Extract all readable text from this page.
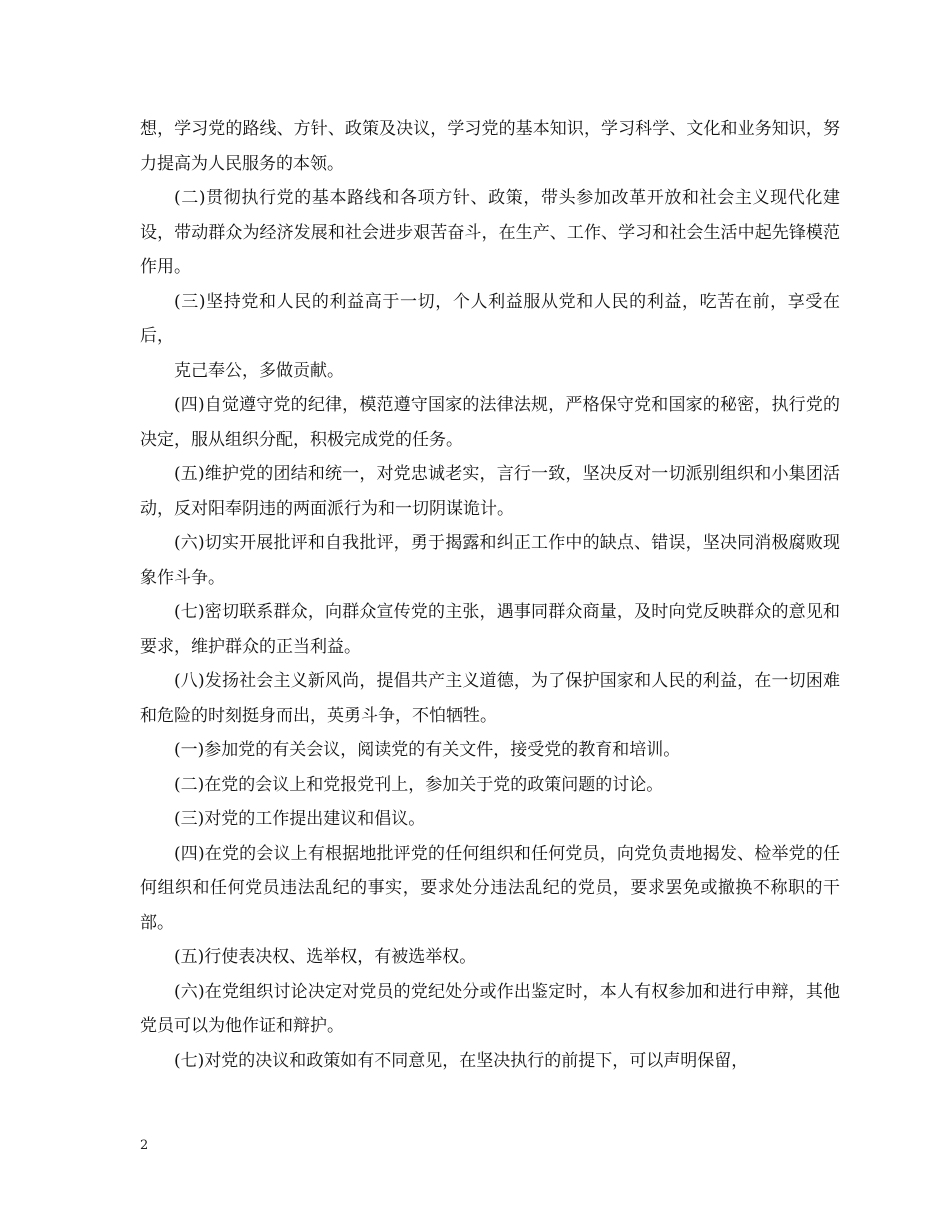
想，学习党的路线、方针、政策及决议，学习党的基本知识，学习科学、文化和业务知识，努力提高为人民服务的本领。

(二)贯彻执行党的基本路线和各项方针、政策，带头参加改革开放和社会主义现代化建设，带动群众为经济发展和社会进步艰苦奋斗，在生产、工作、学习和社会生活中起先锋模范作用。

(三)坚持党和人民的利益高于一切，个人利益服从党和人民的利益，吃苦在前，享受在后，

克己奉公，多做贡献。

(四)自觉遵守党的纪律，模范遵守国家的法律法规，严格保守党和国家的秘密，执行党的决定，服从组织分配，积极完成党的任务。

(五)维护党的团结和统一，对党忠诚老实，言行一致，坚决反对一切派别组织和小集团活动，反对阳奉阴违的两面派行为和一切阴谋诡计。

(六)切实开展批评和自我批评，勇于揭露和纠正工作中的缺点、错误，坚决同消极腐败现象作斗争。

(七)密切联系群众，向群众宣传党的主张，遇事同群众商量，及时向党反映群众的意见和要求，维护群众的正当利益。

(八)发扬社会主义新风尚，提倡共产主义道德，为了保护国家和人民的利益，在一切困难和危险的时刻挺身而出，英勇斗争，不怕牺牲。

(一)参加党的有关会议，阅读党的有关文件，接受党的教育和培训。

(二)在党的会议上和党报党刊上，参加关于党的政策问题的讨论。

(三)对党的工作提出建议和倡议。

(四)在党的会议上有根据地批评党的任何组织和任何党员，向党负责地揭发、检举党的任何组织和任何党员违法乱纪的事实，要求处分违法乱纪的党员，要求罢免或撤换不称职的干部。

(五)行使表决权、选举权，有被选举权。

(六)在党组织讨论决定对党员的党纪处分或作出鉴定时，本人有权参加和进行申辩，其他党员可以为他作证和辩护。

(七)对党的决议和政策如有不同意见，在坚决执行的前提下，可以声明保留，

2
